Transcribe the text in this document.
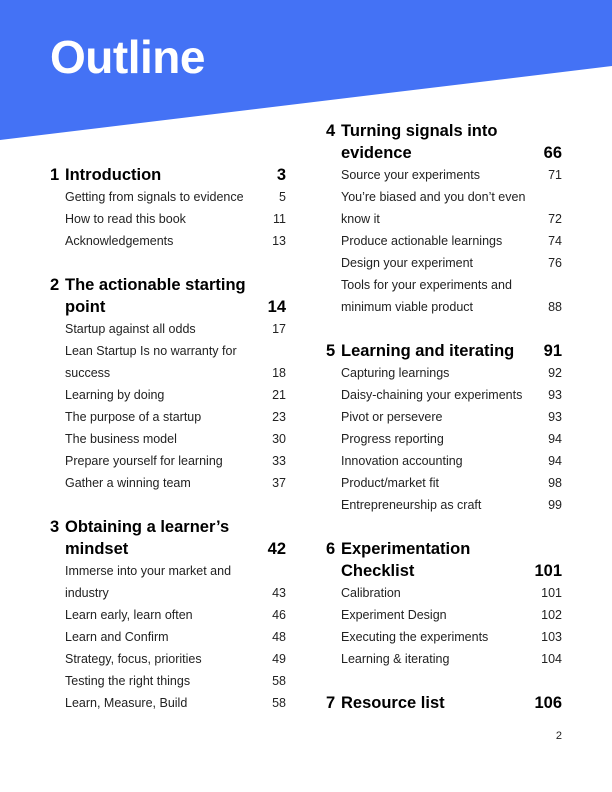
Outline
1 Introduction	3
Getting from signals to evidence	5
How to read this book	11
Acknowledgements	13
2 The actionable starting point	14
Startup against all odds	17
Lean Startup Is no warranty for success	18
Learning by doing	21
The purpose of a startup	23
The business model	30
Prepare yourself for learning	33
Gather a winning team	37
3 Obtaining a learner’s mindset	42
Immerse into your market and industry	43
Learn early, learn often	46
Learn and Confirm	48
Strategy, focus, priorities	49
Testing the right things	58
Learn, Measure, Build	58
4 Turning signals into evidence	66
Source your experiments	71
You’re biased and you don’t even know it	72
Produce actionable learnings	74
Design your experiment	76
Tools for your experiments and minimum viable product	88
5 Learning and iterating	91
Capturing learnings	92
Daisy-chaining your experiments	93
Pivot or persevere	93
Progress reporting	94
Innovation accounting	94
Product/market fit	98
Entrepreneurship as craft	99
6 Experimentation Checklist	101
Calibration	101
Experiment Design	102
Executing the experiments	103
Learning & iterating	104
7 Resource list	106
2
